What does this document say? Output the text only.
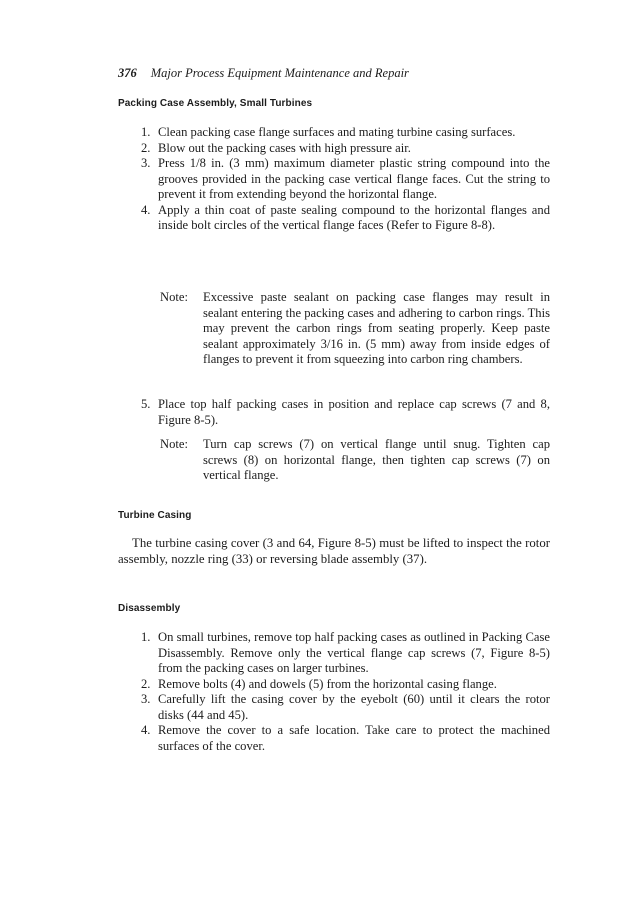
376 Major Process Equipment Maintenance and Repair
Packing Case Assembly, Small Turbines
1. Clean packing case flange surfaces and mating turbine casing surfaces.
2. Blow out the packing cases with high pressure air.
3. Press 1/8 in. (3 mm) maximum diameter plastic string compound into the grooves provided in the packing case vertical flange faces. Cut the string to prevent it from extending beyond the horizontal flange.
4. Apply a thin coat of paste sealing compound to the horizontal flanges and inside bolt circles of the vertical flange faces (Refer to Figure 8-8).
Note:	Excessive paste sealant on packing case flanges may result in sealant entering the packing cases and adhering to carbon rings. This may prevent the carbon rings from seating properly. Keep paste sealant approximately 3/16 in. (5 mm) away from inside edges of flanges to prevent it from squeezing into carbon ring chambers.
5. Place top half packing cases in position and replace cap screws (7 and 8, Figure 8-5).
Note:	Turn cap screws (7) on vertical flange until snug. Tighten cap screws (8) on horizontal flange, then tighten cap screws (7) on vertical flange.
Turbine Casing

The turbine casing cover (3 and 64, Figure 8-5) must be lifted to inspect the rotor assembly, nozzle ring (33) or reversing blade assembly (37).

Disassembly
1. On small turbines, remove top half packing cases as outlined in Packing Case Disassembly. Remove only the vertical flange cap screws (7, Figure 8-5) from the packing cases on larger turbines.
2. Remove bolts (4) and dowels (5) from the horizontal casing flange.
3. Carefully lift the casing cover by the eyebolt (60) until it clears the rotor disks (44 and 45).
4. Remove the cover to a safe location. Take care to protect the machined surfaces of the cover.
